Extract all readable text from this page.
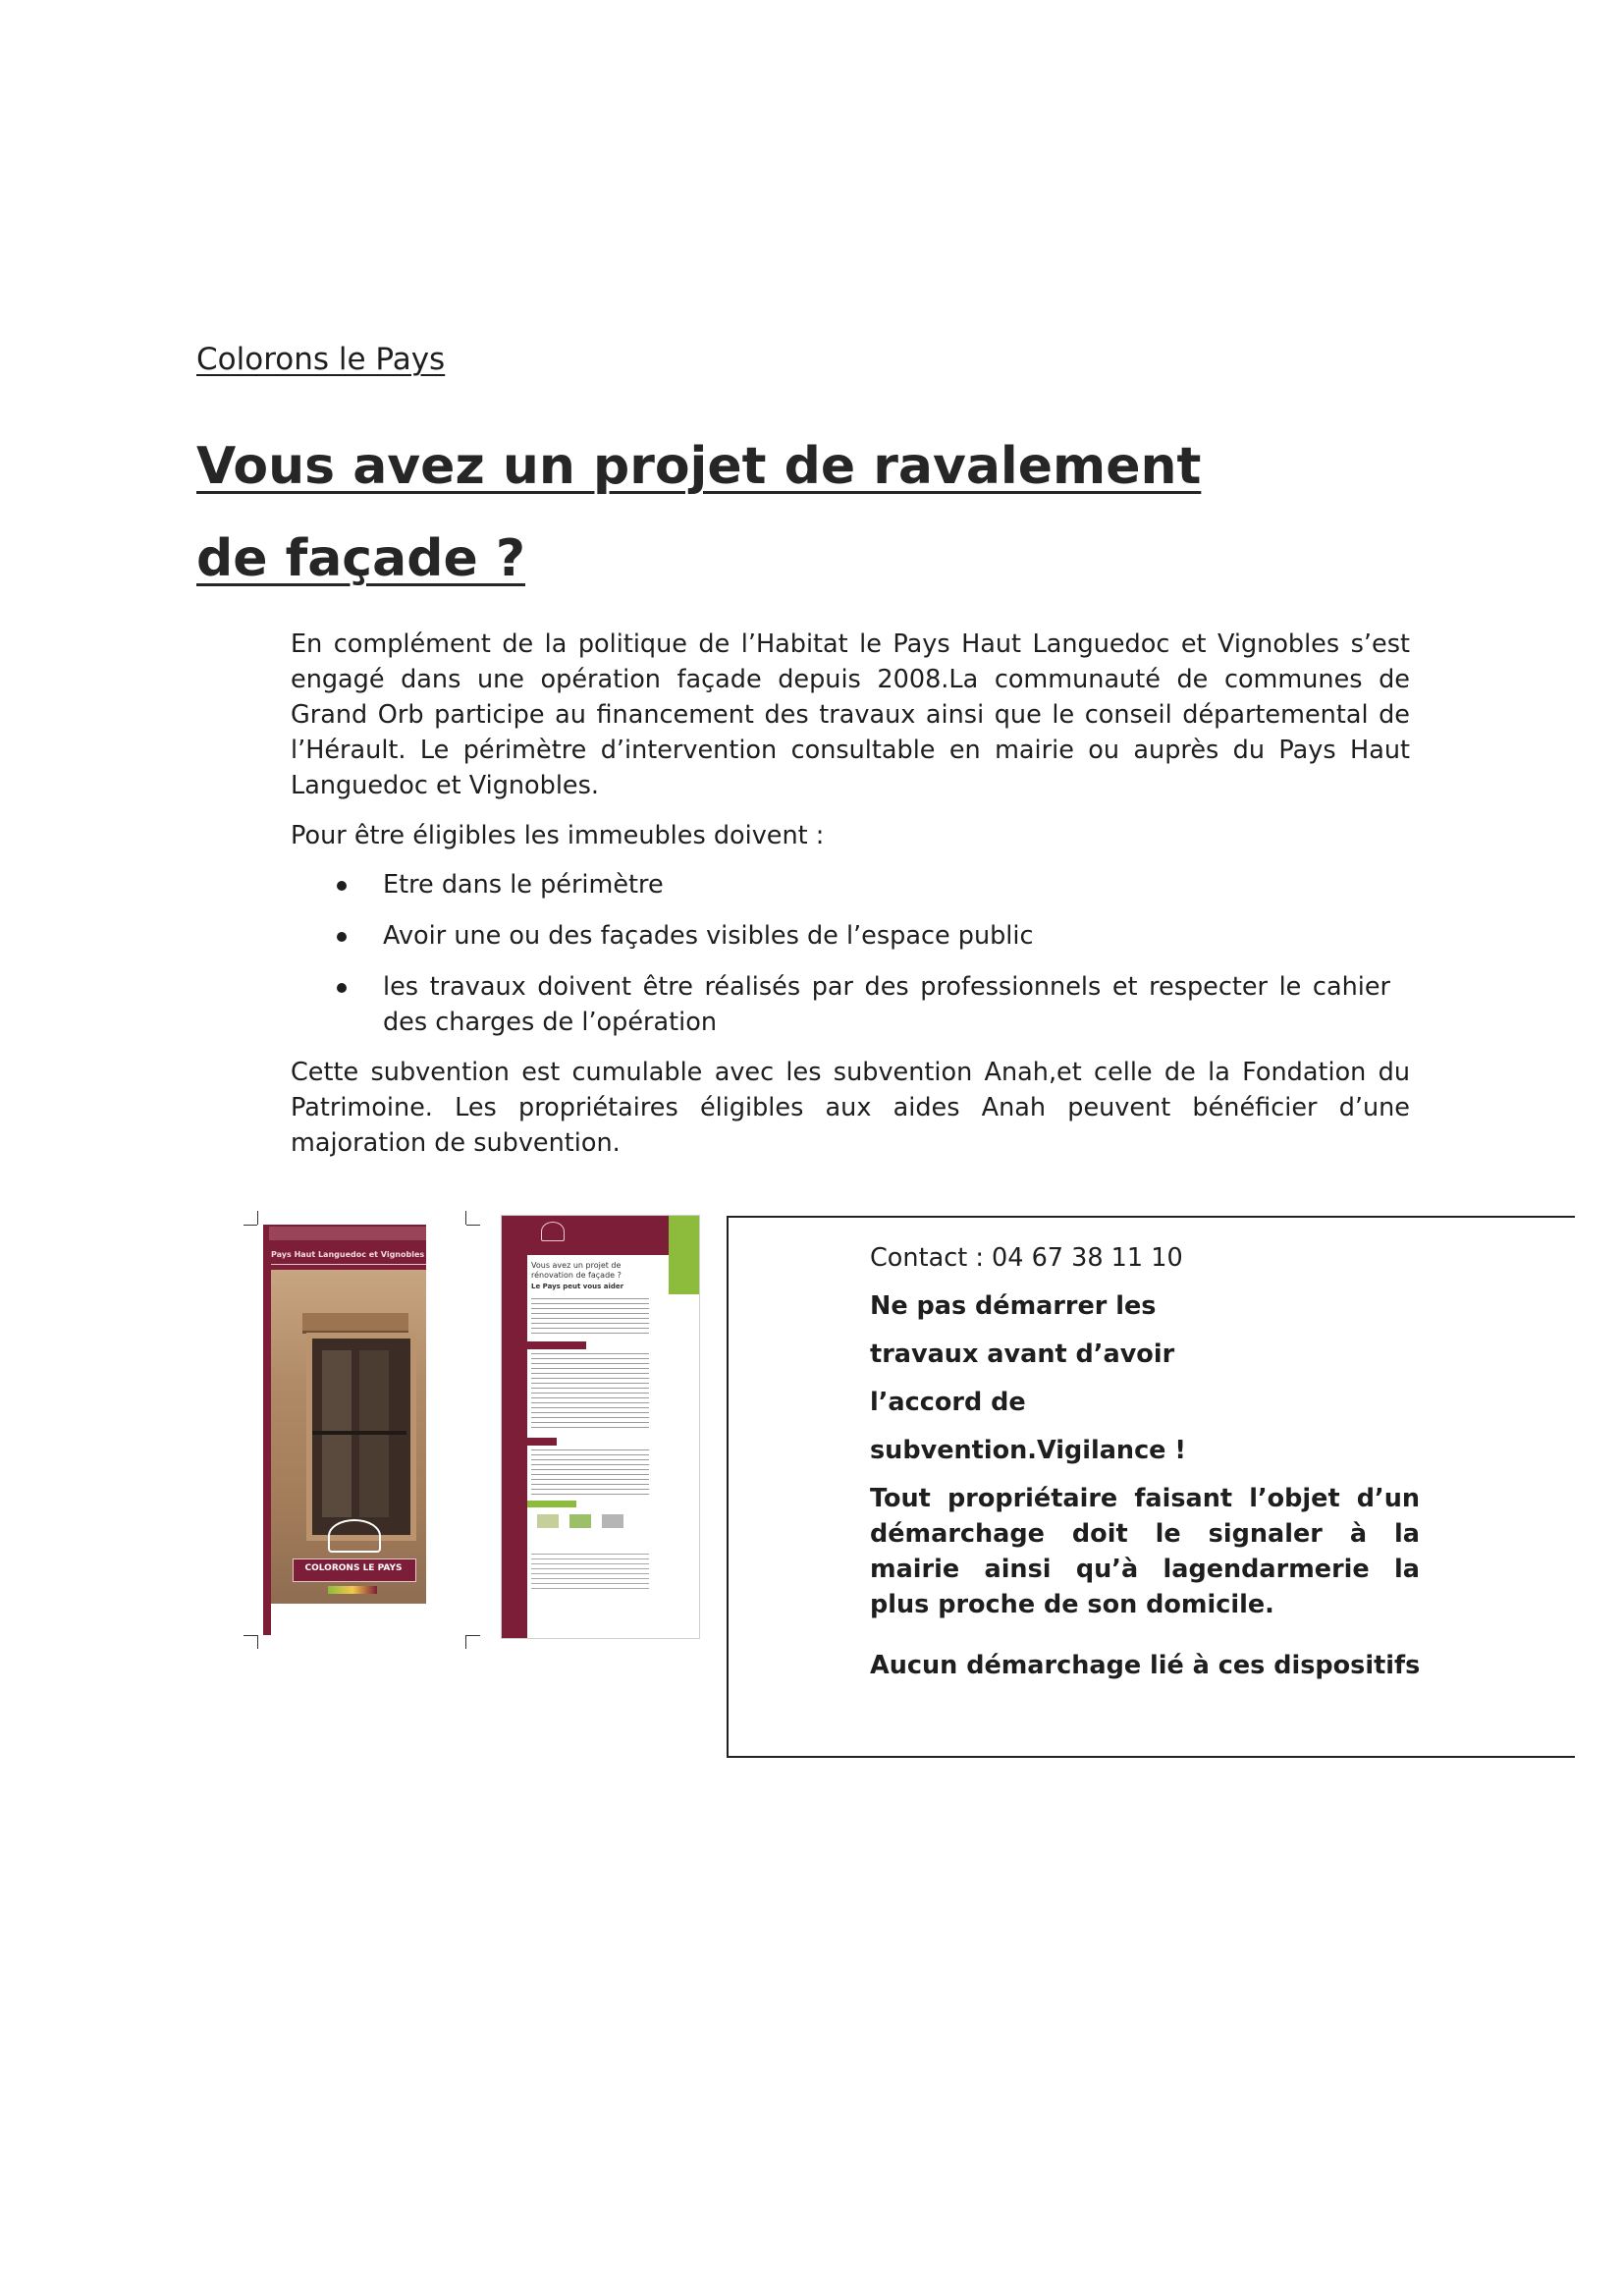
Colorons le Pays
Vous avez un projet de ravalement de façade ?
En complément de la politique de l’Habitat le Pays Haut Languedoc et Vignobles s’est engagé dans une opération façade depuis 2008.La communauté de communes de Grand Orb participe au financement des travaux ainsi que le conseil départemental de l’Hérault. Le périmètre d’intervention consultable en mairie ou auprès du Pays Haut Languedoc et Vignobles.
Pour être éligibles les immeubles doivent :
Etre dans le périmètre
Avoir une ou des façades visibles de l’espace public
les travaux doivent être réalisés par des professionnels et respecter le cahier des charges de l’opération
Cette subvention est cumulable avec les subvention Anah,et celle de la Fondation du Patrimoine. Les propriétaires éligibles aux aides Anah peuvent bénéficier d’une majoration de subvention.
Pays Haut Languedoc et Vignobles
COLORONS LE PAYS
Vous avez un projet de rénovation de façade ?
Le Pays peut vous aider
Contact : 04 67 38 11 10
Ne pas démarrer les
travaux avant d’avoir
l’accord de
subvention.Vigilance !
Tout propriétaire faisant l’objet d’un démarchage doit le signaler à la mairie ainsi qu’à lagendarmerie la plus proche de son domicile.
Aucun démarchage lié à ces dispositifs
